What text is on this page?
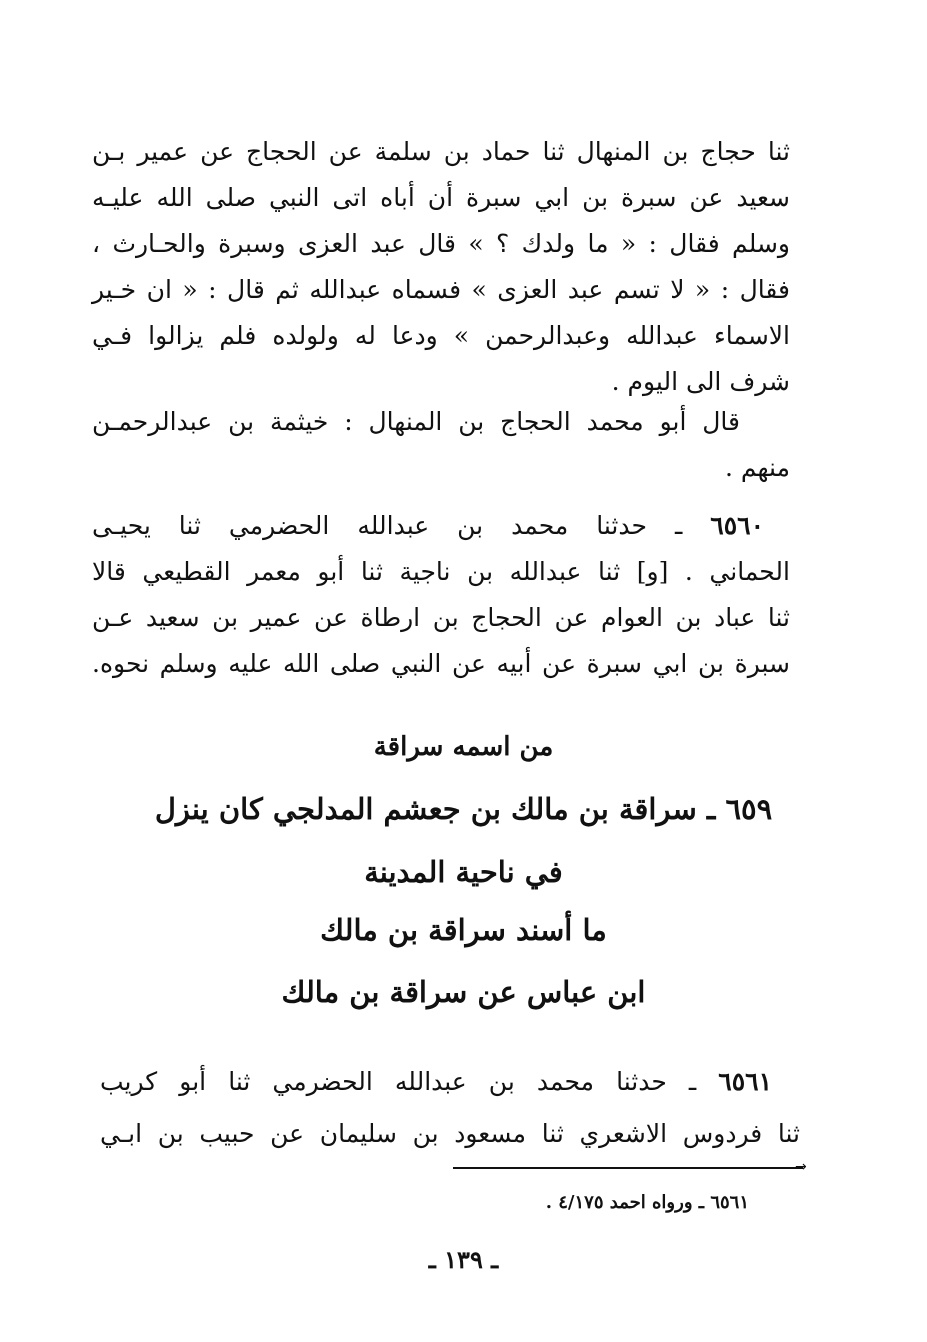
ثنا حجاج بن المنهال ثنا حماد بن سلمة عن الحجاج عن عمير بـن
سعيد عن سبرة بن ابي سبرة أن أباه اتى النبي صلى الله عليـه
وسلم فقال : « ما ولدك ؟ » قال عبد العزى وسبرة والحـارث ،
فقال : « لا تسم عبد العزى » فسماه عبدالله ثم قال : « ان خـير
الاسماء عبدالله وعبدالرحمن » ودعا له ولولده فلم يزالوا فـي
شرف الى اليوم .
قال أبو محمد الحجاج بن المنهال : خيثمة بن عبدالرحمـن
منهم .
٦٥٦٠ ـ حدثنا محمد بن عبدالله الحضرمي ثنا يحيـى
الحماني . [و] ثنا عبدالله بن ناجية ثنا أبو معمر القطيعي قالا
ثنا عباد بن العوام عن الحجاج بن ارطاة عن عمير بن سعيد عـن
سبرة بن ابي سبرة عن أبيه عن النبي صلى الله عليه وسلم نحوه.
من اسمه سراقة
٦٥٩ ـ سراقة بن مالك بن جعشم المدلجي كان ينزل
في ناحية المدينة
ما أسند سراقة بن مالك
ابن عباس عن سراقة بن مالك
٦٥٦١ ـ حدثنا محمد بن عبدالله الحضرمي ثنا أبو كريب
ثنا فردوس الاشعري ثنا مسعود بن سليمان عن حبيب بن ابـي
→
٦٥٦١ ـ ورواه احمد ٤/١٧٥ .
ـ ١٣٩ ـ
